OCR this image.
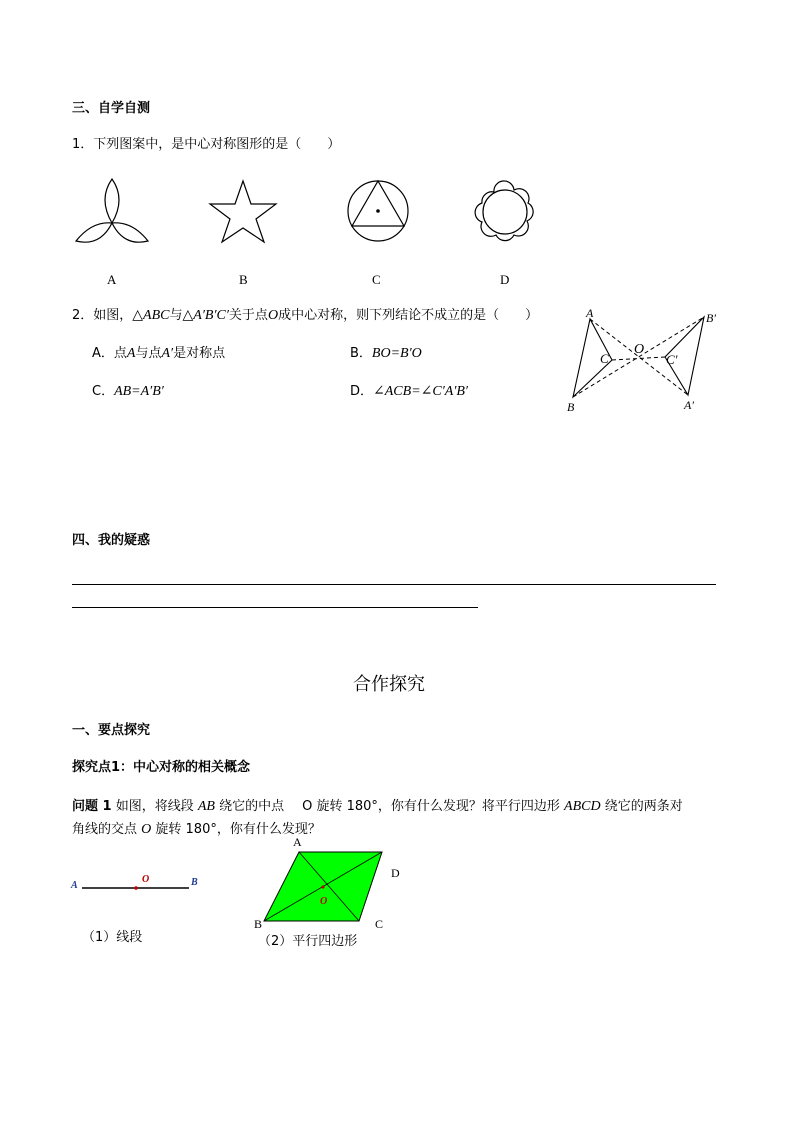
三、自学自测
1．下列图案中，是中心对称图形的是（　　）
A	B	C	D
2．如图，△ABC与△A′B′C′关于点O成中心对称，则下列结论不成立的是（　　）
A．点A与点A′是对称点	B．BO=B′O
C．AB=A′B′	D．∠ACB=∠C′A′B′
A
B
C
O
B′
C′
A′
四、我的疑惑
合作探究
一、要点探究
探究点1：中心对称的相关概念
问题 1 如图，将线段 AB 绕它的中点 O 旋转 180°，你有什么发现？将平行四边形 ABCD 绕它的两条对
角线的交点 O 旋转 180°，你有什么发现？
A
O	B
（1）线段
A
D
B	C
O
（2）平行四边形
